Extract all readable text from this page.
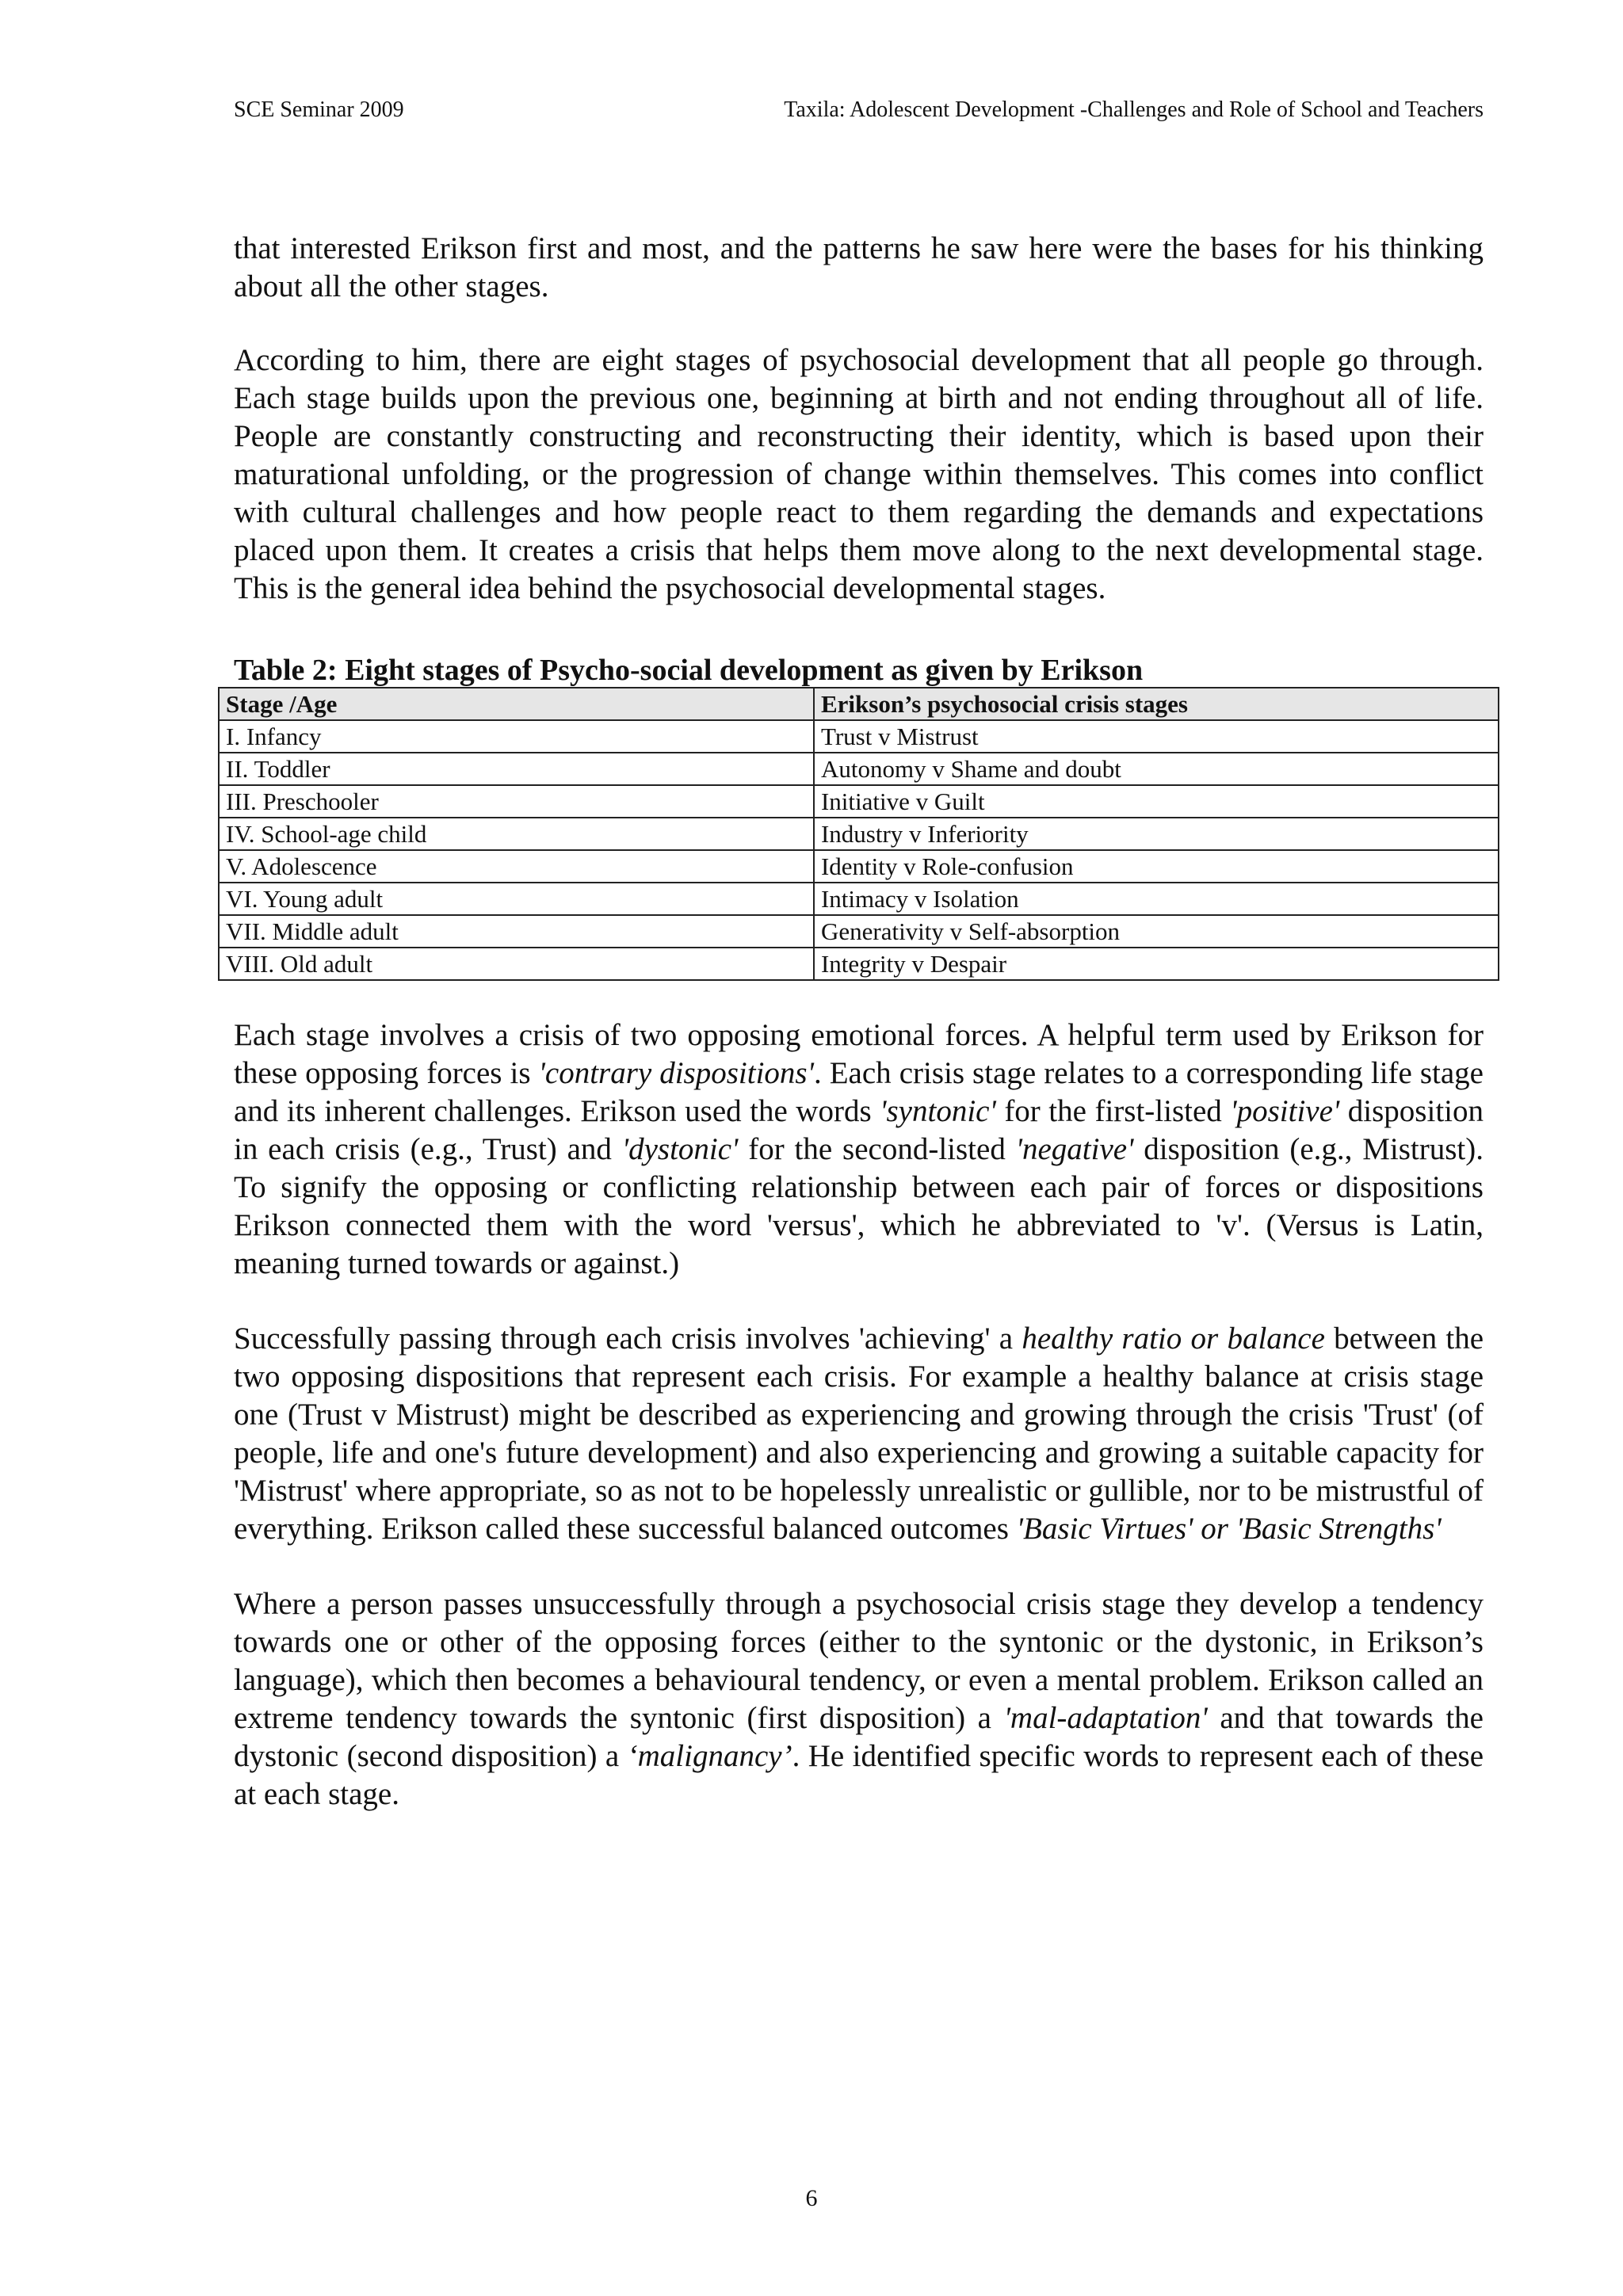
SCE Seminar 2009	Taxila: Adolescent Development -Challenges and Role of School and Teachers

that interested Erikson first and most, and the patterns he saw here were the bases for his thinking about all the other stages.

According to him, there are eight stages of psychosocial development that all people go through. Each stage builds upon the previous one, beginning at birth and not ending throughout all of life. People are constantly constructing and reconstructing their identity, which is based upon their maturational unfolding, or the progression of change within themselves. This comes into conflict with cultural challenges and how people react to them regarding the demands and expectations placed upon them. It creates a crisis that helps them move along to the next developmental stage. This is the general idea behind the psychosocial developmental stages.

Table 2: Eight stages of Psycho-social development as given by Erikson

Stage /Age	Erikson’s psychosocial crisis stages
I. Infancy	Trust v Mistrust
II. Toddler	Autonomy v Shame and doubt
III. Preschooler	Initiative v Guilt
IV. School-age child	Industry v Inferiority
V. Adolescence	Identity v Role-confusion
VI. Young adult	Intimacy v Isolation
VII. Middle adult	Generativity v Self-absorption
VIII. Old adult	Integrity v Despair

Each stage involves a crisis of two opposing emotional forces. A helpful term used by Erikson for these opposing forces is 'contrary dispositions'. Each crisis stage relates to a corresponding life stage and its inherent challenges. Erikson used the words 'syntonic' for the first-listed 'positive' disposition in each crisis (e.g., Trust) and 'dystonic' for the second-listed 'negative' disposition (e.g., Mistrust). To signify the opposing or conflicting relationship between each pair of forces or dispositions Erikson connected them with the word 'versus', which he abbreviated to 'v'. (Versus is Latin, meaning turned towards or against.)

Successfully passing through each crisis involves 'achieving' a healthy ratio or balance between the two opposing dispositions that represent each crisis. For example a healthy balance at crisis stage one (Trust v Mistrust) might be described as experiencing and growing through the crisis 'Trust' (of people, life and one's future development) and also experiencing and growing a suitable capacity for 'Mistrust' where appropriate, so as not to be hopelessly unrealistic or gullible, nor to be mistrustful of everything. Erikson called these successful balanced outcomes 'Basic Virtues' or 'Basic Strengths'

Where a person passes unsuccessfully through a psychosocial crisis stage they develop a tendency towards one or other of the opposing forces (either to the syntonic or the dystonic, in Erikson’s language), which then becomes a behavioural tendency, or even a mental problem. Erikson called an extreme tendency towards the syntonic (first disposition) a 'mal-adaptation' and that towards the dystonic (second disposition) a ‘malignancy’. He identified specific words to represent each of these at each stage.

6
